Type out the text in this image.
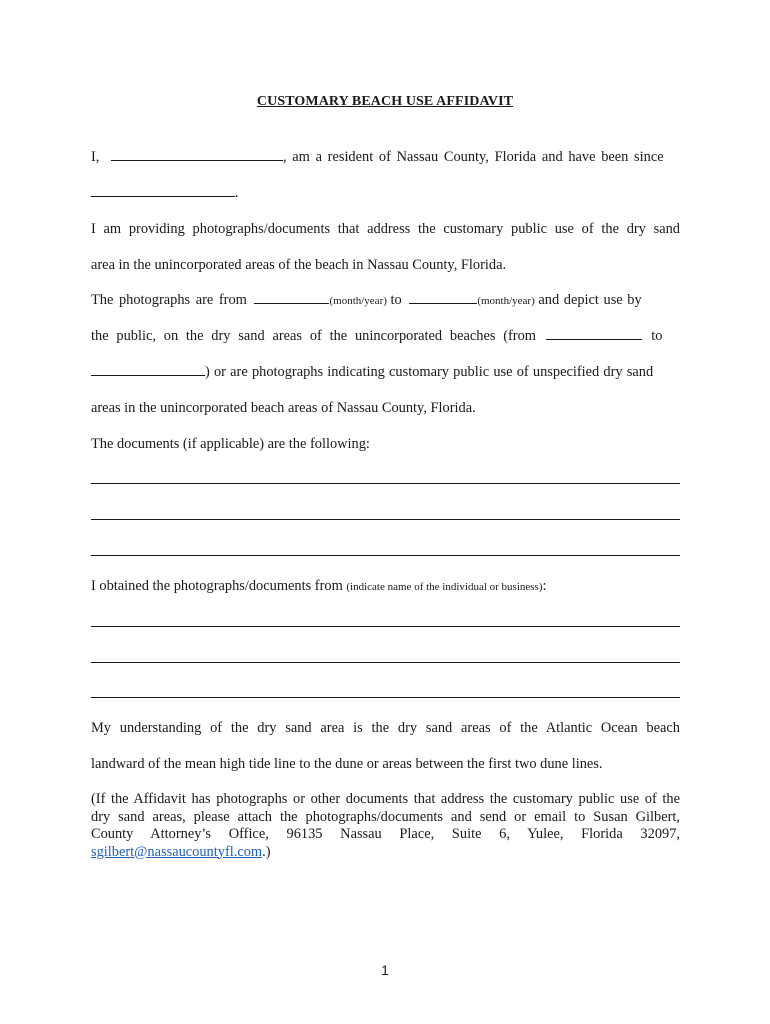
CUSTOMARY BEACH USE AFFIDAVIT
I,	, am a resident of Nassau County, Florida and have been since
.
I am providing photographs/documents that address the customary public use of the dry sand
area in the unincorporated areas of the beach in Nassau County, Florida.
The photographs are from	(month/year) to	(month/year) and depict use by
the public, on the dry sand areas of the unincorporated beaches (from	to
) or are photographs indicating customary public use of unspecified dry sand
areas in the unincorporated beach areas of Nassau County, Florida.
The documents (if applicable) are the following:
I obtained the photographs/documents from (indicate name of the individual or business):
My understanding of the dry sand area is the dry sand areas of the Atlantic Ocean beach
landward of the mean high tide line to the dune or areas between the first two dune lines.
(If the Affidavit has photographs or other documents that address the customary public use of the
dry sand areas, please attach the photographs/documents and send or email to Susan Gilbert,
County Attorney’s Office, 96135 Nassau Place, Suite 6, Yulee, Florida 32097,
sgilbert@nassaucountyfl.com.)
1
